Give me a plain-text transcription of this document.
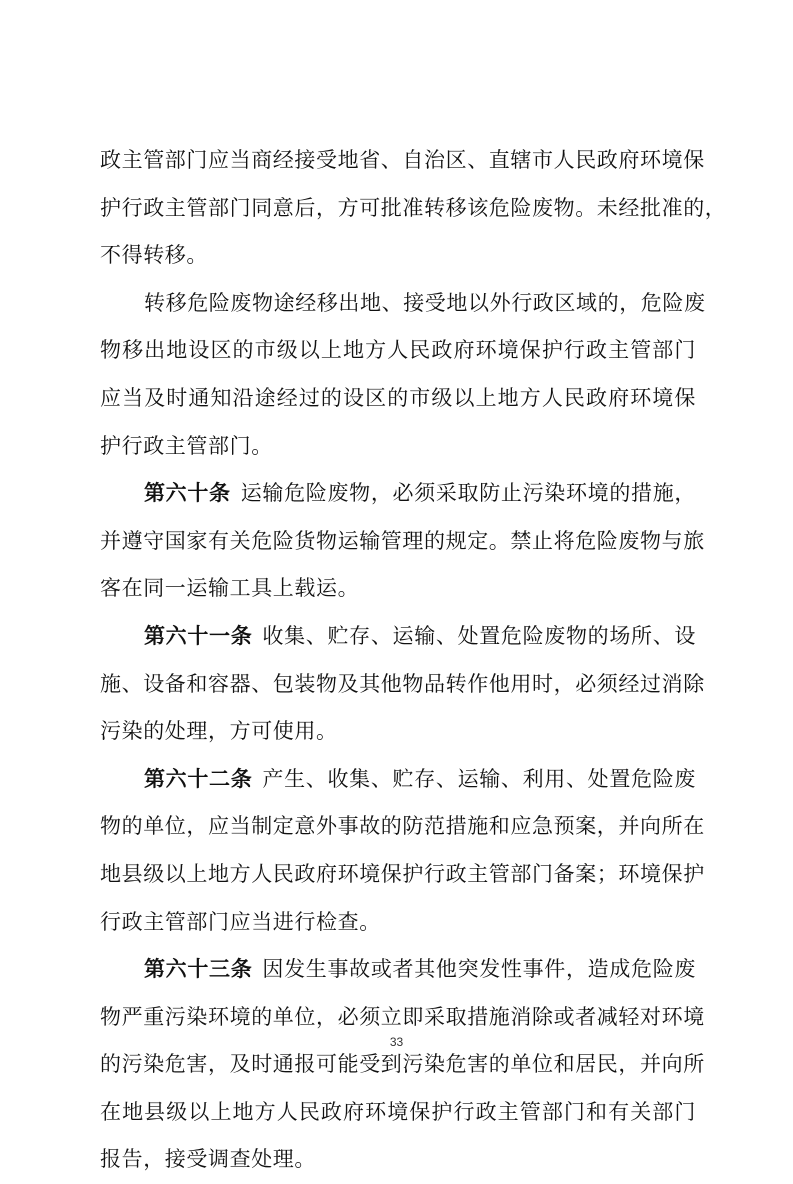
政主管部门应当商经接受地省、自治区、直辖市人民政府环境保
护行政主管部门同意后，方可批准转移该危险废物。未经批准的，
不得转移。
转移危险废物途经移出地、接受地以外行政区域的，危险废
物移出地设区的市级以上地方人民政府环境保护行政主管部门
应当及时通知沿途经过的设区的市级以上地方人民政府环境保
护行政主管部门。
第六十条 运输危险废物，必须采取防止污染环境的措施，
并遵守国家有关危险货物运输管理的规定。禁止将危险废物与旅
客在同一运输工具上载运。
第六十一条 收集、贮存、运输、处置危险废物的场所、设
施、设备和容器、包装物及其他物品转作他用时，必须经过消除
污染的处理，方可使用。
第六十二条 产生、收集、贮存、运输、利用、处置危险废
物的单位，应当制定意外事故的防范措施和应急预案，并向所在
地县级以上地方人民政府环境保护行政主管部门备案；环境保护
行政主管部门应当进行检查。
第六十三条 因发生事故或者其他突发性事件，造成危险废
物严重污染环境的单位，必须立即采取措施消除或者减轻对环境
的污染危害，及时通报可能受到污染危害的单位和居民，并向所
在地县级以上地方人民政府环境保护行政主管部门和有关部门
报告，接受调查处理。
33
